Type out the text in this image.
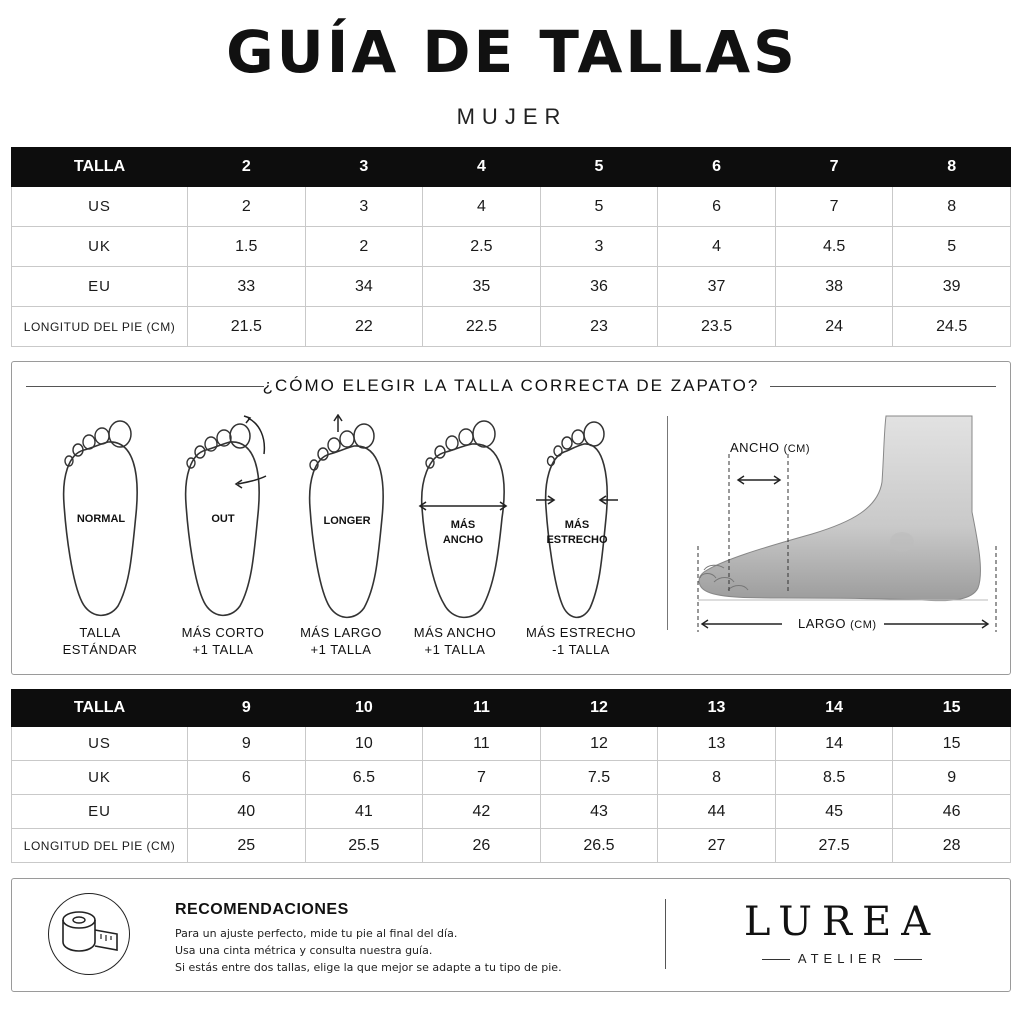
GUÍA DE TALLAS
MUJER
TALLA	2	3	4	5	6	7	8
US	2	3	4	5	6	7	8
UK	1.5	2	2.5	3	4	4.5	5
EU	33	34	35	36	37	38	39
LONGITUD DEL PIE (CM)	21.5	22	22.5	23	23.5	24	24.5
¿CÓMO ELEGIR LA TALLA CORRECTA DE ZAPATO?
NORMAL
TALLA
ESTÁNDAR
OUT
MÁS CORTO
+1 TALLA
LONGER
MÁS LARGO
+1 TALLA
MÁS
ANCHO
MÁS ANCHO
+1 TALLA
MÁS
ESTRECHO
MÁS ESTRECHO
-1 TALLA
ANCHO (CM)
LARGO (CM)
TALLA	9	10	11	12	13	14	15
US	9	10	11	12	13	14	15
UK	6	6.5	7	7.5	8	8.5	9
EU	40	41	42	43	44	45	46
LONGITUD DEL PIE (CM)	25	25.5	26	26.5	27	27.5	28
RECOMENDACIONES
Para un ajuste perfecto, mide tu pie al final del día.
Usa una cinta métrica y consulta nuestra guía.
Si estás entre dos tallas, elige la que mejor se adapte a tu tipo de pie.
LUREA
ATELIER
